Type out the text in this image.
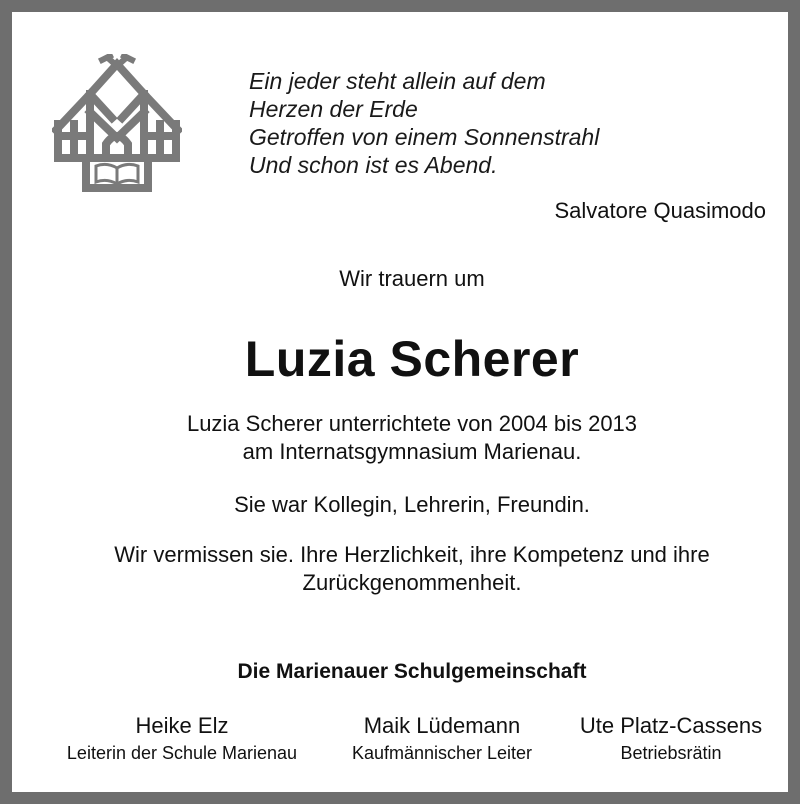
Ein jeder steht allein auf dem
Herzen der Erde
Getroffen von einem Sonnenstrahl
Und schon ist es Abend.
Salvatore Quasimodo
Wir trauern um
Luzia Scherer
Luzia Scherer unterrichtete von 2004 bis 2013
am Internatsgymnasium Marienau.
Sie war Kollegin, Lehrerin, Freundin.
Wir vermissen sie. Ihre Herzlichkeit, ihre Kompetenz und ihre
Zurückgenommenheit.
Die Marienauer Schulgemeinschaft
Heike Elz
Leiterin der Schule Marienau
Maik Lüdemann
Kaufmännischer Leiter
Ute Platz-Cassens
Betriebsrätin
